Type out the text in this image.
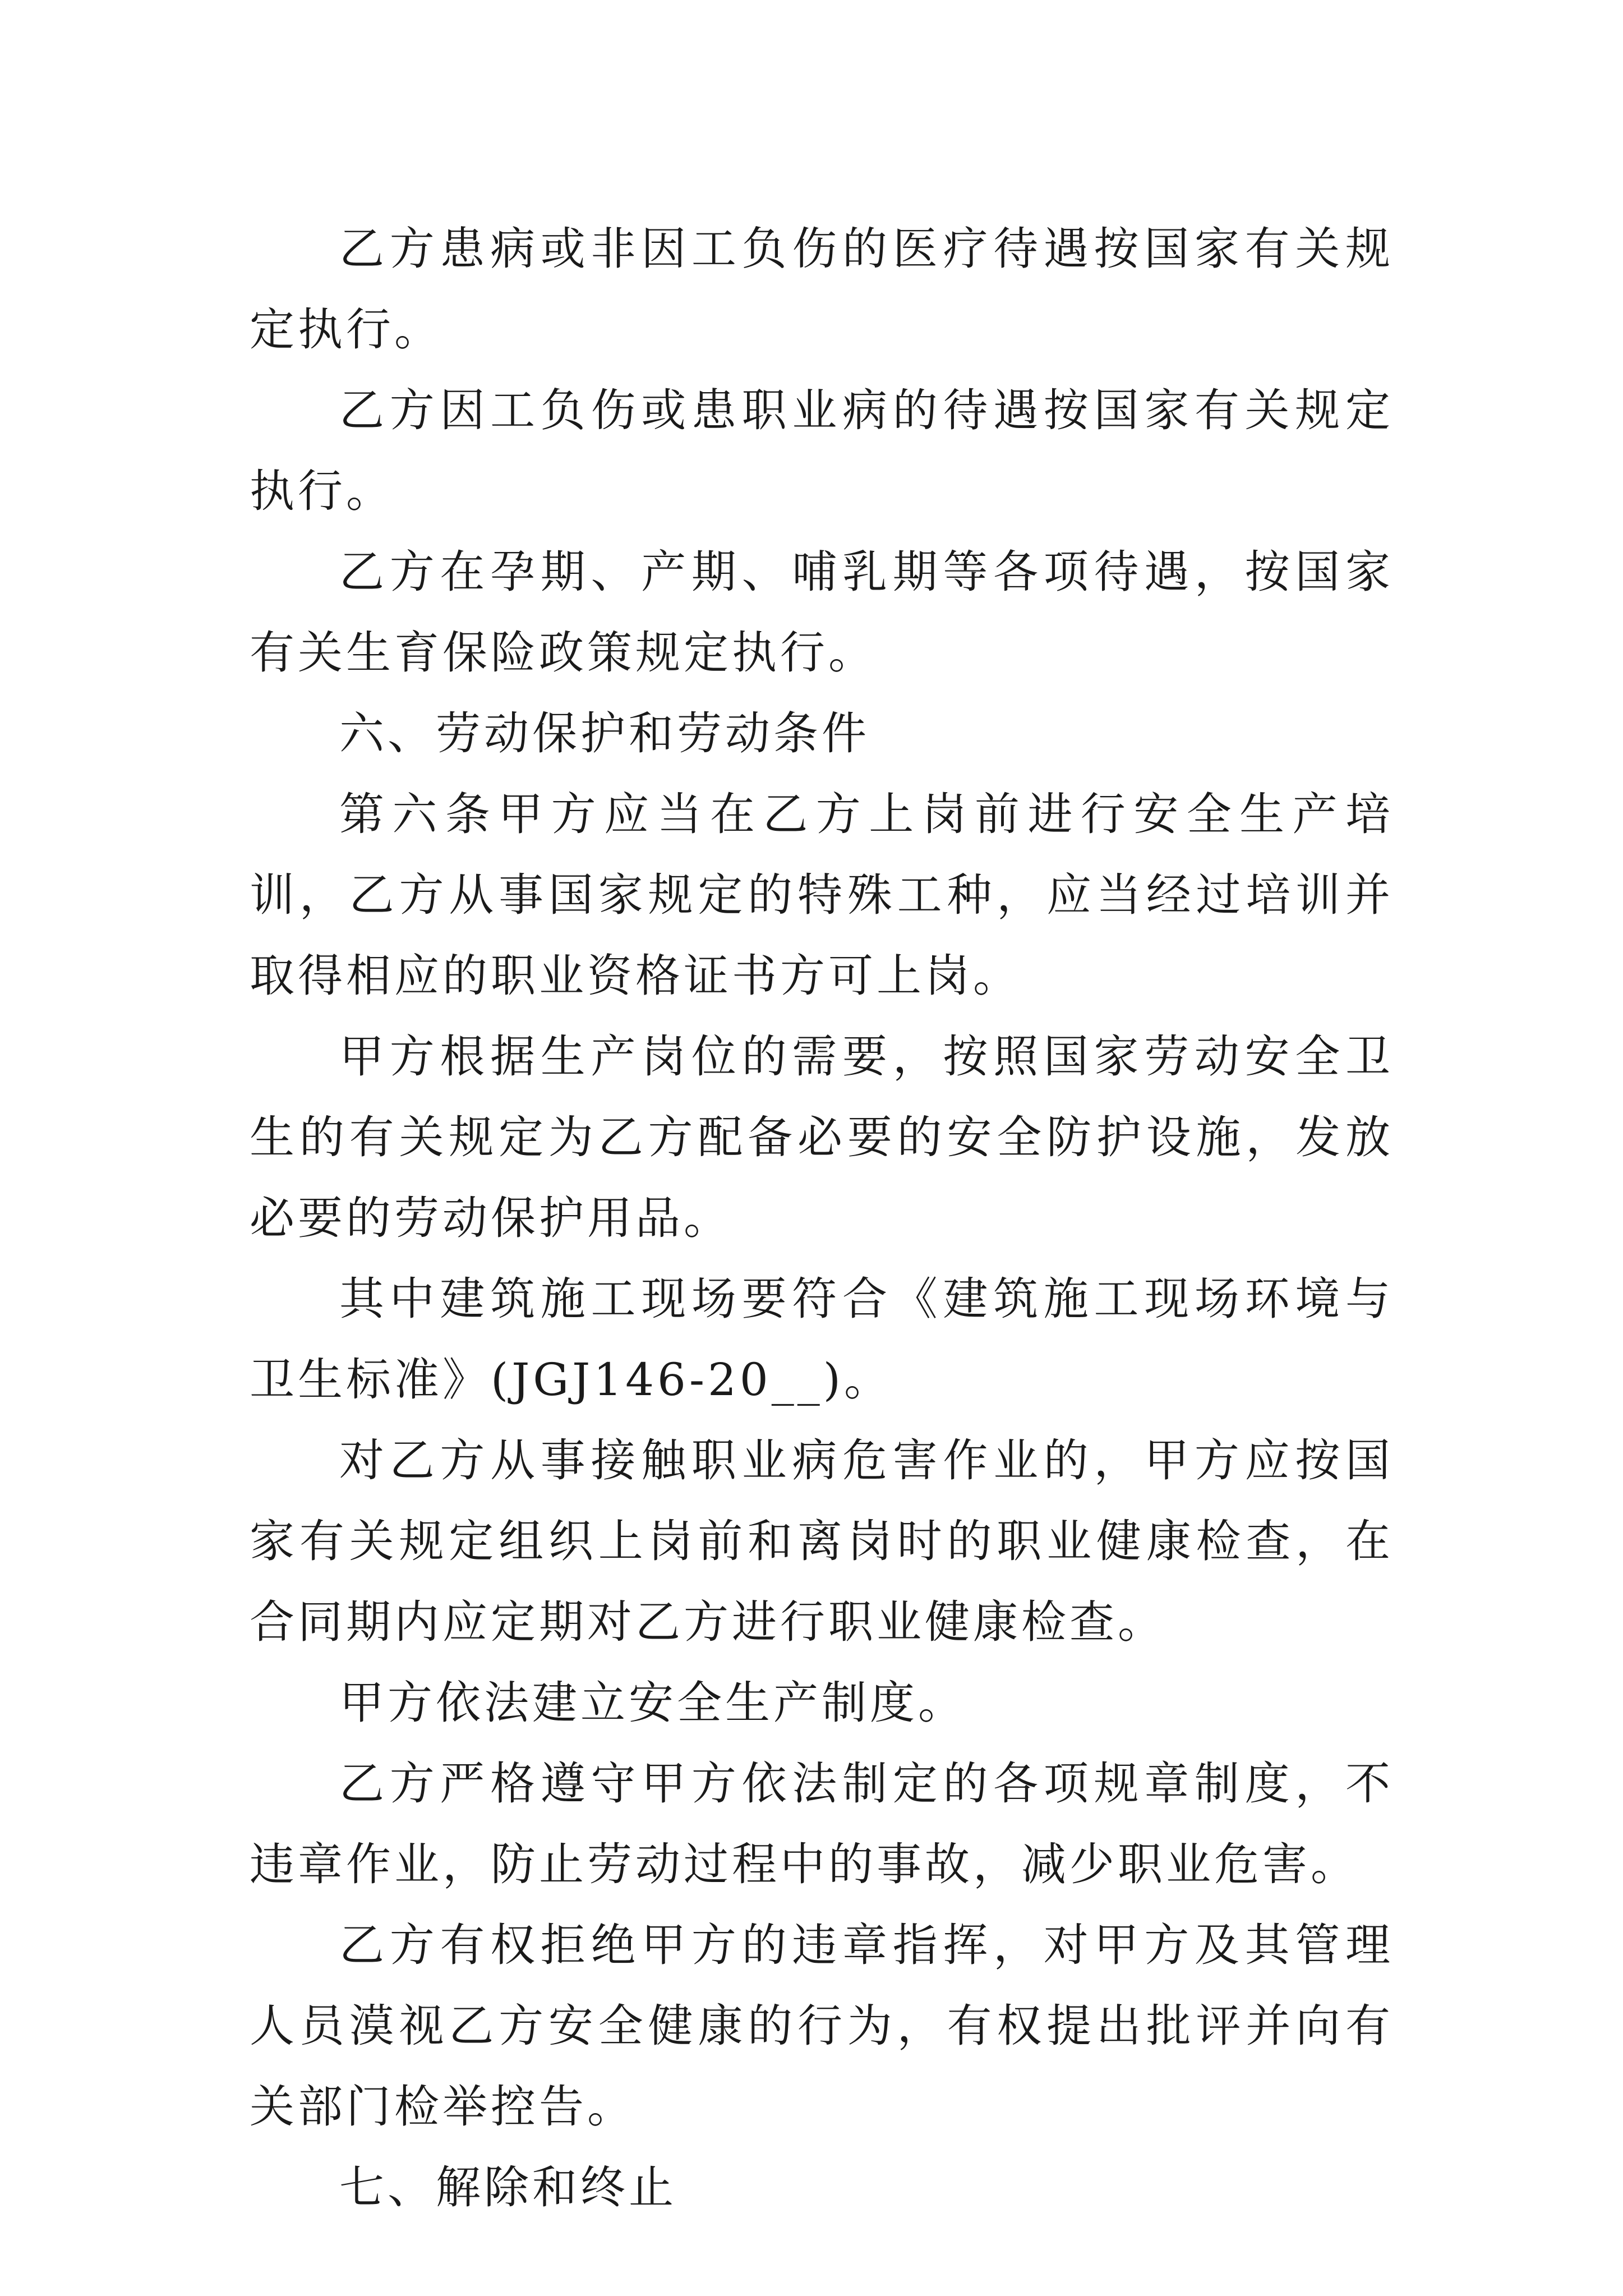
乙方患病或非因工负伤的医疗待遇按国家有关规定执行。

乙方因工负伤或患职业病的待遇按国家有关规定执行。

乙方在孕期、产期、哺乳期等各项待遇，按国家有关生育保险政策规定执行。

六、劳动保护和劳动条件

第六条甲方应当在乙方上岗前进行安全生产培训，乙方从事国家规定的特殊工种，应当经过培训并取得相应的职业资格证书方可上岗。

甲方根据生产岗位的需要，按照国家劳动安全卫生的有关规定为乙方配备必要的安全防护设施，发放必要的劳动保护用品。

其中建筑施工现场要符合《建筑施工现场环境与卫生标准》(JGJ146-20__)。

对乙方从事接触职业病危害作业的，甲方应按国家有关规定组织上岗前和离岗时的职业健康检查，在合同期内应定期对乙方进行职业健康检查。

甲方依法建立安全生产制度。

乙方严格遵守甲方依法制定的各项规章制度，不违章作业，防止劳动过程中的事故，减少职业危害。

乙方有权拒绝甲方的违章指挥，对甲方及其管理人员漠视乙方安全健康的行为，有权提出批评并向有关部门检举控告。

七、解除和终止
